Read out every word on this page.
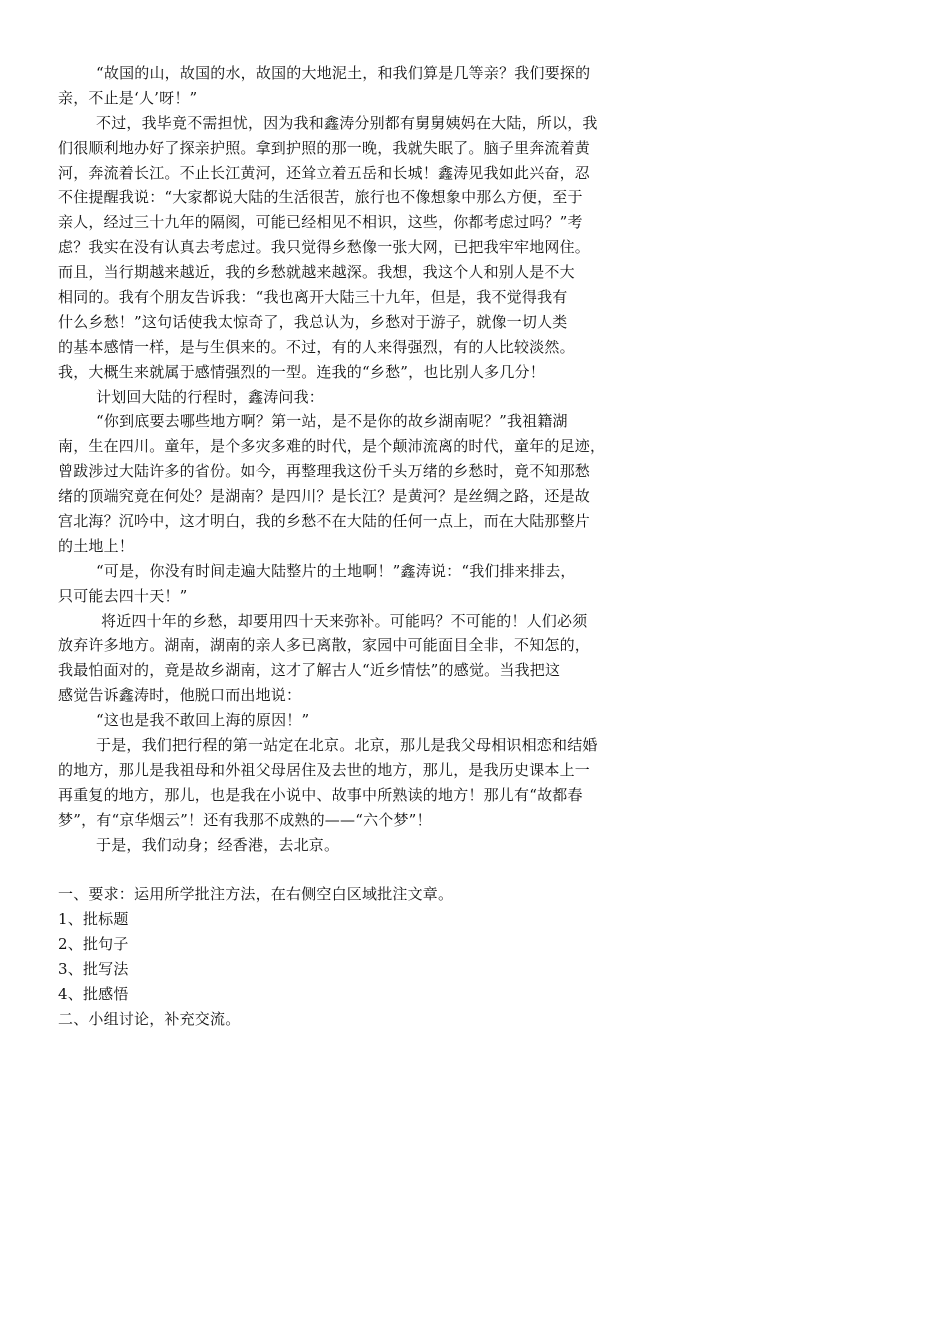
“故国的山，故国的水，故国的大地泥土，和我们算是几等亲？我们要探的
亲，不止是‘人’呀！”
不过，我毕竟不需担忧，因为我和鑫涛分别都有舅舅姨妈在大陆，所以，我
们很顺利地办好了探亲护照。拿到护照的那一晚，我就失眠了。脑子里奔流着黄
河，奔流着长江。不止长江黄河，还耸立着五岳和长城！鑫涛见我如此兴奋，忍
不住提醒我说：“大家都说大陆的生活很苦，旅行也不像想象中那么方便，至于
亲人，经过三十九年的隔阂，可能已经相见不相识，这些，你都考虑过吗？”考
虑？我实在没有认真去考虑过。我只觉得乡愁像一张大网，已把我牢牢地网住。
而且，当行期越来越近，我的乡愁就越来越深。我想，我这个人和别人是不大
相同的。我有个朋友告诉我：“我也离开大陆三十九年，但是，我不觉得我有
什么乡愁！”这句话使我太惊奇了，我总认为，乡愁对于游子，就像一切人类
的基本感情一样，是与生俱来的。不过，有的人来得强烈，有的人比较淡然。
我，大概生来就属于感情强烈的一型。连我的“乡愁”，也比别人多几分！
计划回大陆的行程时，鑫涛问我：
“你到底要去哪些地方啊？第一站，是不是你的故乡湖南呢？”我祖籍湖
南，生在四川。童年，是个多灾多难的时代，是个颠沛流离的时代，童年的足迹，
曾跋涉过大陆许多的省份。如今，再整理我这份千头万绪的乡愁时，竟不知那愁
绪的顶端究竟在何处？是湖南？是四川？是长江？是黄河？是丝绸之路，还是故
宫北海？沉吟中，这才明白，我的乡愁不在大陆的任何一点上，而在大陆那整片
的土地上！
“可是，你没有时间走遍大陆整片的土地啊！”鑫涛说：“我们排来排去，
只可能去四十天！”
将近四十年的乡愁，却要用四十天来弥补。可能吗？不可能的！人们必须
放弃许多地方。湖南，湖南的亲人多已离散，家园中可能面目全非，不知怎的，
我最怕面对的，竟是故乡湖南，这才了解古人“近乡情怯”的感觉。当我把这
感觉告诉鑫涛时，他脱口而出地说：
“这也是我不敢回上海的原因！”
于是，我们把行程的第一站定在北京。北京，那儿是我父母相识相恋和结婚
的地方，那儿是我祖母和外祖父母居住及去世的地方，那儿，是我历史课本上一
再重复的地方，那儿，也是我在小说中、故事中所熟读的地方！那儿有“故都春
梦”，有“京华烟云”！还有我那不成熟的——“六个梦”！
于是，我们动身；经香港，去北京。
一、要求：运用所学批注方法，在右侧空白区域批注文章。
1、批标题
2、批句子
3、批写法
4、批感悟
二、小组讨论，补充交流。
